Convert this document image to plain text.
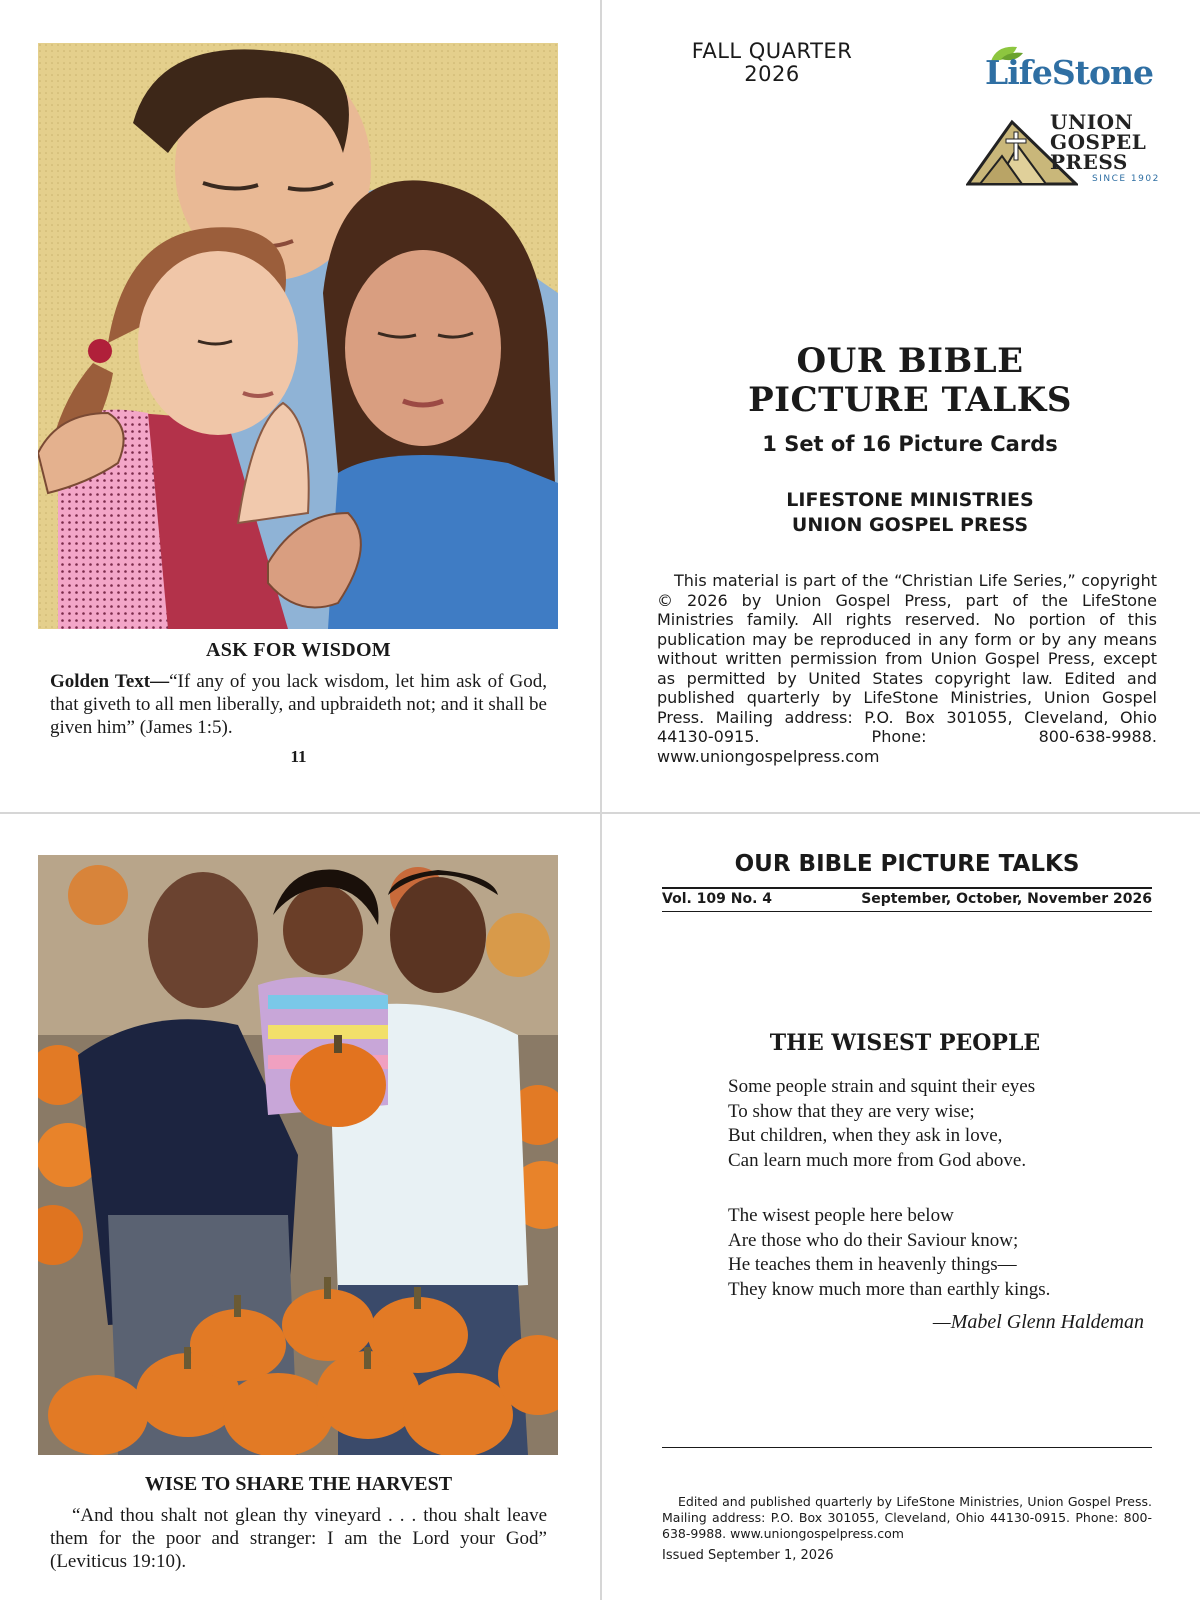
ASK FOR WISDOM

Golden Text—“If any of you lack wisdom, let him ask of God, that giveth to all men liberally, and upbraideth not; and it shall be given him” (James 1:5).

11
FALL QUARTER
2026	LifeStone
UNION
GOSPEL
PRESS
SINCE 1902
OUR BIBLE
PICTURE TALKS
1 Set of 16 Picture Cards
LIFESTONE MINISTRIES
UNION GOSPEL PRESS

This material is part of the “Christian Life Series,” copyright © 2026 by Union Gospel Press, part of the LifeStone Ministries family. All rights reserved. No portion of this publication may be reproduced in any form or by any means without written permission from Union Gospel Press, except as permitted by United States copyright law. Edited and published quarterly by LifeStone Ministries, Union Gospel Press. Mailing address: P.O. Box 301055, Cleveland, Ohio 44130-0915. Phone: 800-638-9988. www.uniongospelpress.com

WISE TO SHARE THE HARVEST

“And thou shalt not glean thy vineyard . . . thou shalt leave them for the poor and stranger: I am the Lord your God” (Leviticus 19:10).

OUR BIBLE PICTURE TALKS
Vol. 109 No. 4	September, October, November 2026
THE WISEST PEOPLE
Some people strain and squint their eyes
To show that they are very wise;
But children, when they ask in love,
Can learn much more from God above.
The wisest people here below
Are those who do their Saviour know;
He teaches them in heavenly things—
They know much more than earthly kings.
—Mabel Glenn Haldeman

Edited and published quarterly by LifeStone Ministries, Union Gospel Press. Mailing address: P.O. Box 301055, Cleveland, Ohio 44130-0915. Phone: 800-638-9988. www.uniongospelpress.com

Issued September 1, 2026
